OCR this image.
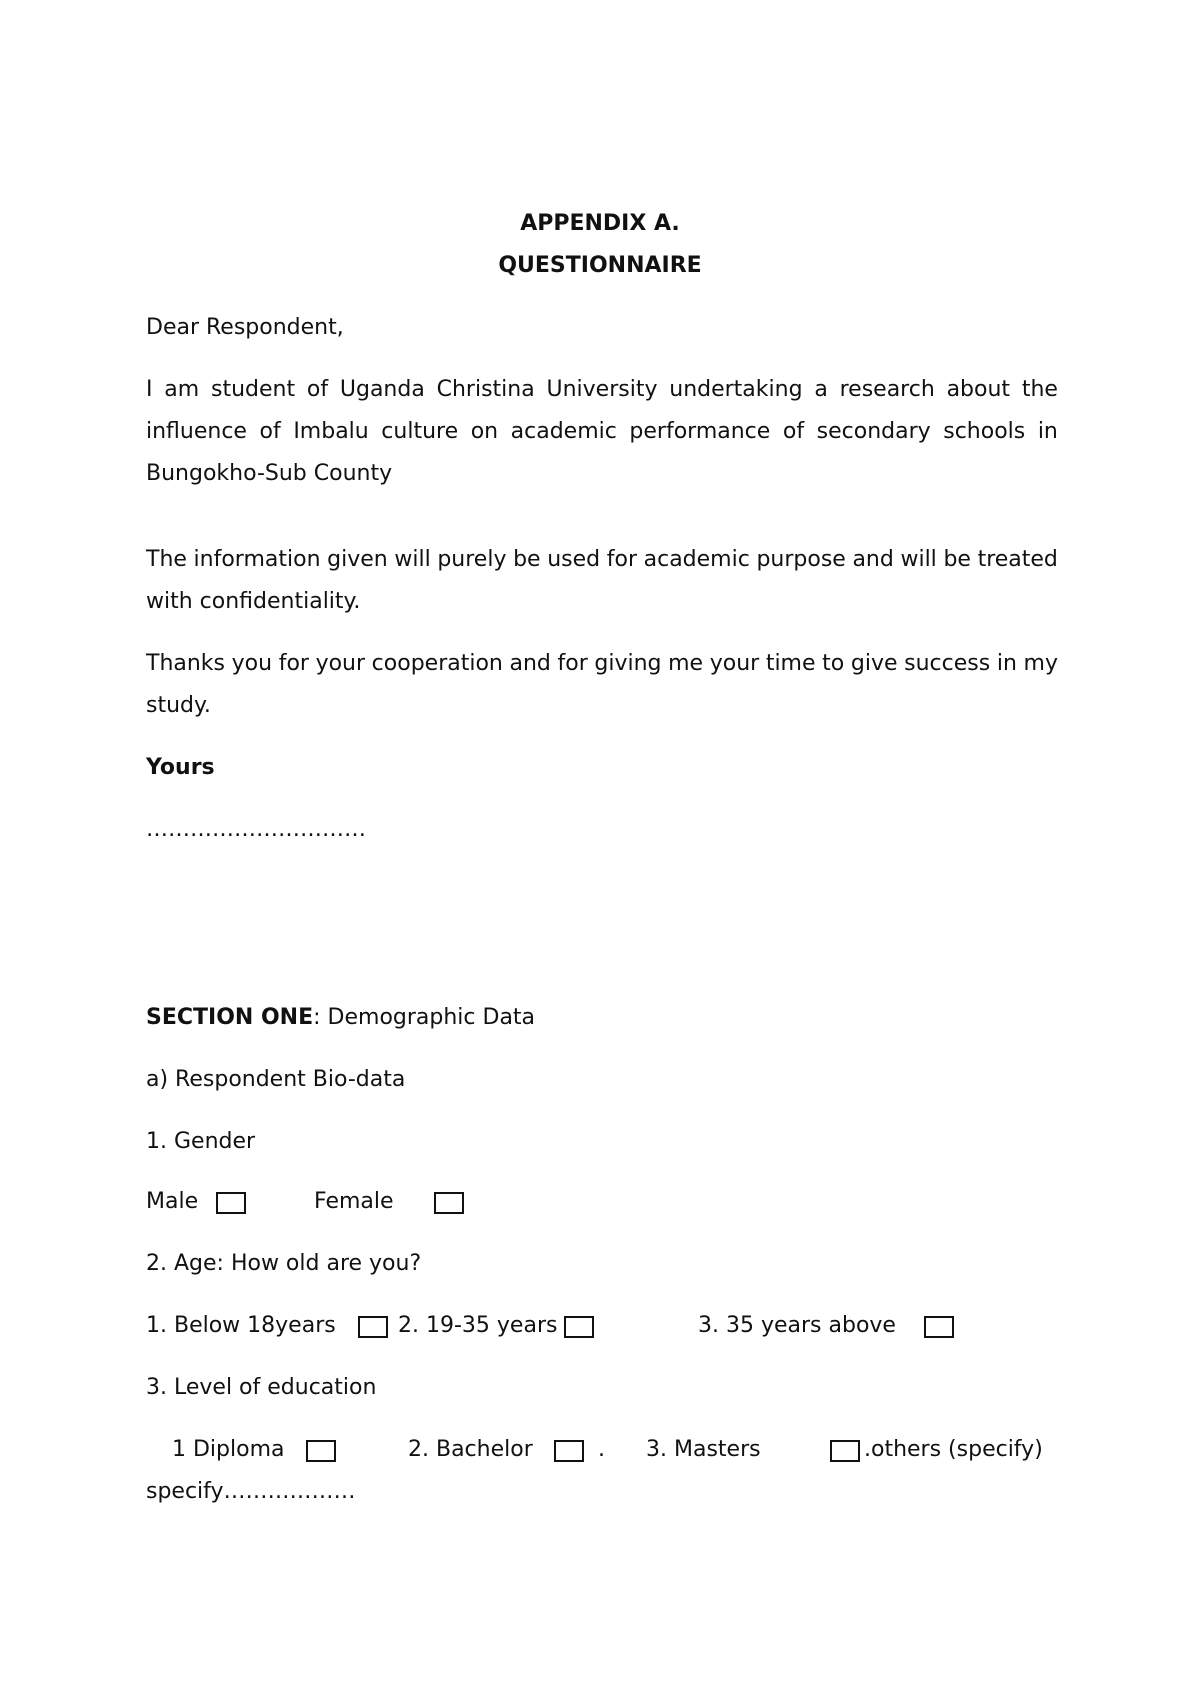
APPENDIX A.
QUESTIONNAIRE
Dear Respondent,
I am student of Uganda Christina University undertaking a research about the
influence of Imbalu culture on academic performance of secondary schools in
Bungokho-Sub County
The information given will purely be used for academic purpose and will be treated
with confidentiality.
Thanks you for your cooperation and for giving me your time to give success in my
study.
Yours
…………………………
SECTION ONE: Demographic Data
a) Respondent Bio-data
1. Gender
Male	Female
2. Age: How old are you?
1. Below 18years	2. 19-35 years	3. 35 years above
3. Level of education
1 Diploma	2. Bachelor	. 3. Masters	.others (specify)
specify………………
